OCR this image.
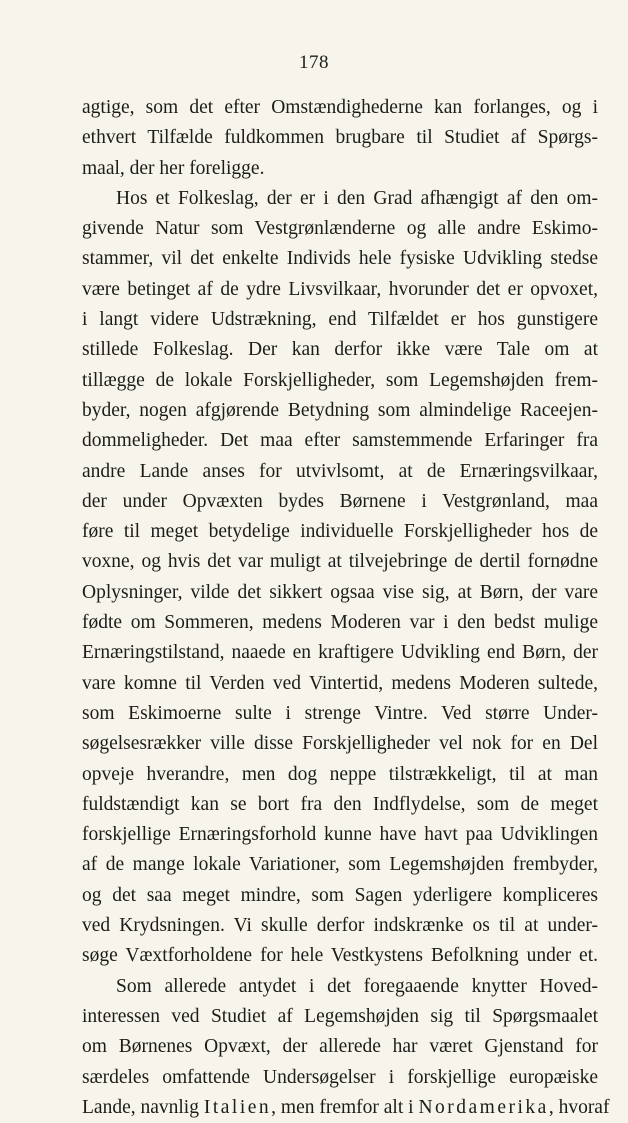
178
agtige, som det efter Omstændighederne kan forlanges, og i
ethvert Tilfælde fuldkommen brugbare til Studiet af Spørgs-
maal, der her foreligge.
Hos et Folkeslag, der er i den Grad afhængigt af den om-
givende Natur som Vestgrønlænderne og alle andre Eskimo-
stammer, vil det enkelte Individs hele fysiske Udvikling stedse
være betinget af de ydre Livsvilkaar, hvorunder det er opvoxet,
i langt videre Udstrækning, end Tilfældet er hos gunstigere
stillede Folkeslag. Der kan derfor ikke være Tale om at
tillægge de lokale Forskjelligheder, som Legemshøjden frem-
byder, nogen afgjørende Betydning som almindelige Raceejen-
dommeligheder. Det maa efter samstemmende Erfaringer fra
andre Lande anses for utvivlsomt, at de Ernæringsvilkaar,
der under Opvæxten bydes Børnene i Vestgrønland, maa
føre til meget betydelige individuelle Forskjelligheder hos de
voxne, og hvis det var muligt at tilvejebringe de dertil fornødne
Oplysninger, vilde det sikkert ogsaa vise sig, at Børn, der vare
fødte om Sommeren, medens Moderen var i den bedst mulige
Ernæringstilstand, naaede en kraftigere Udvikling end Børn, der
vare komne til Verden ved Vintertid, medens Moderen sultede,
som Eskimoerne sulte i strenge Vintre. Ved større Under-
søgelsesrækker ville disse Forskjelligheder vel nok for en Del
opveje hverandre, men dog neppe tilstrækkeligt, til at man
fuldstændigt kan se bort fra den Indflydelse, som de meget
forskjellige Ernæringsforhold kunne have havt paa Udviklingen
af de mange lokale Variationer, som Legemshøjden frembyder,
og det saa meget mindre, som Sagen yderligere kompliceres
ved Krydsningen. Vi skulle derfor indskrænke os til at under-
søge Væxtforholdene for hele Vestkystens Befolkning under et.
Som allerede antydet i det foregaaende knytter Hoved-
interessen ved Studiet af Legemshøjden sig til Spørgsmaalet
om Børnenes Opvæxt, der allerede har været Gjenstand for
særdeles omfattende Undersøgelser i forskjellige europæiske
Lande, navnlig Italien, men fremfor alt i Nordamerika, hvoraf
